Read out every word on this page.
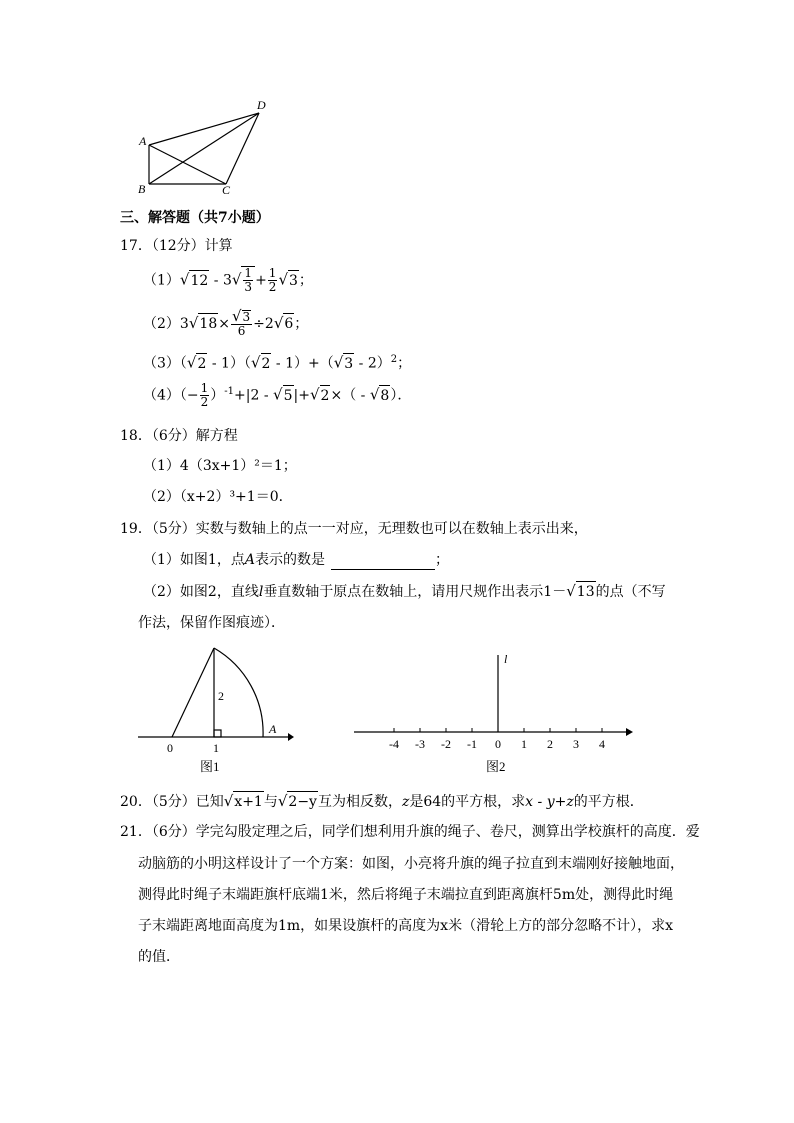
A
B	C
D
三、解答题（共7小题）
17．（12分）计算
$(1)√12 - 3√ \frac{1}{3} + \frac{1}{2} √3$；
$(2)3√18\times \frac{√3}{6} \div 2√6$；
（3）（√2 - 1）（√2 - 1）+（√3 - 2）$^2$；
$(4)(- \frac{1}{2} )^{-1}+|2 - √5|+√2\times( - √8)$．
18．（6分）解方程
（1）4（3x+1）²＝1；
（2）（x+2）³+1＝0．
19．（5分）实数与数轴上的点一一对应，无理数也可以在数轴上表示出来，
（1）如图1，点A表示的数是	；
（2）如图2，直线l垂直数轴于原点在数轴上，请用尺规作出表示1－√13的点（不写
作法，保留作图痕迹）．
2
0	1
A
图1
-4 -3 -2 -1 0 1 2 3 4
l
图2
20．（5分）已知√x+1与√2−y互为相反数，z是64的平方根，求x - y+z的平方根．
21．（6分）学完勾股定理之后，同学们想利用升旗的绳子、卷尺，测算出学校旗杆的高度．爱
动脑筋的小明这样设计了一个方案：如图，小亮将升旗的绳子拉直到末端刚好接触地面，
测得此时绳子末端距旗杆底端1米，然后将绳子末端拉直到距离旗杆5m处，测得此时绳
子末端距离地面高度为1m，如果设旗杆的高度为x米（滑轮上方的部分忽略不计），求x
的值．
